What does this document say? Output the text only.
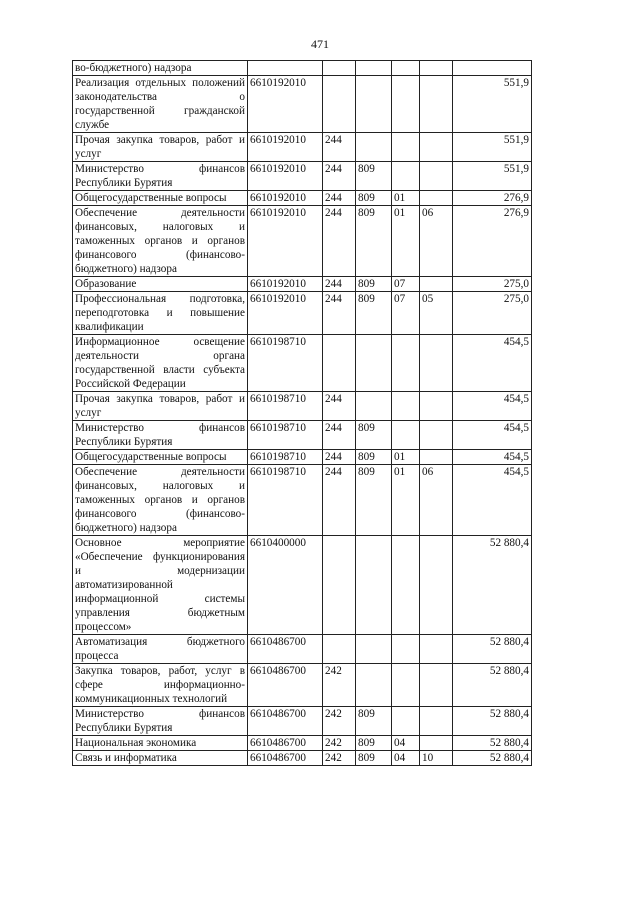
471
во-бюджетного) надзора						
Реализация отдельных положений законодательства о государственной гражданской службе	6610192010					551,9
Прочая закупка товаров, работ и услуг	6610192010	244				551,9
Министерство финансов Республики Бурятия	6610192010	244	809			551,9
Общегосударственные вопросы	6610192010	244	809	01		276,9
Обеспечение деятельности финансовых, налоговых и таможенных органов и органов финансового (финансово-бюджетного) надзора	6610192010	244	809	01	06	276,9
Образование	6610192010	244	809	07		275,0
Профессиональная подготовка, переподготовка и повышение квалификации	6610192010	244	809	07	05	275,0
Информационное освещение деятельности органа государственной власти субъекта Российской Федерации	6610198710					454,5
Прочая закупка товаров, работ и услуг	6610198710	244				454,5
Министерство финансов Республики Бурятия	6610198710	244	809			454,5
Общегосударственные вопросы	6610198710	244	809	01		454,5
Обеспечение деятельности финансовых, налоговых и таможенных органов и органов финансового (финансово-бюджетного) надзора	6610198710	244	809	01	06	454,5
Основное мероприятие «Обеспечение функционирования и модернизации автоматизированной информационной системы управления бюджетным процессом»	6610400000					52 880,4
Автоматизация бюджетного процесса	6610486700					52 880,4
Закупка товаров, работ, услуг в сфере информационно-коммуникационных технологий	6610486700	242				52 880,4
Министерство финансов Республики Бурятия	6610486700	242	809			52 880,4
Национальная экономика	6610486700	242	809	04		52 880,4
Связь и информатика	6610486700	242	809	04	10	52 880,4
